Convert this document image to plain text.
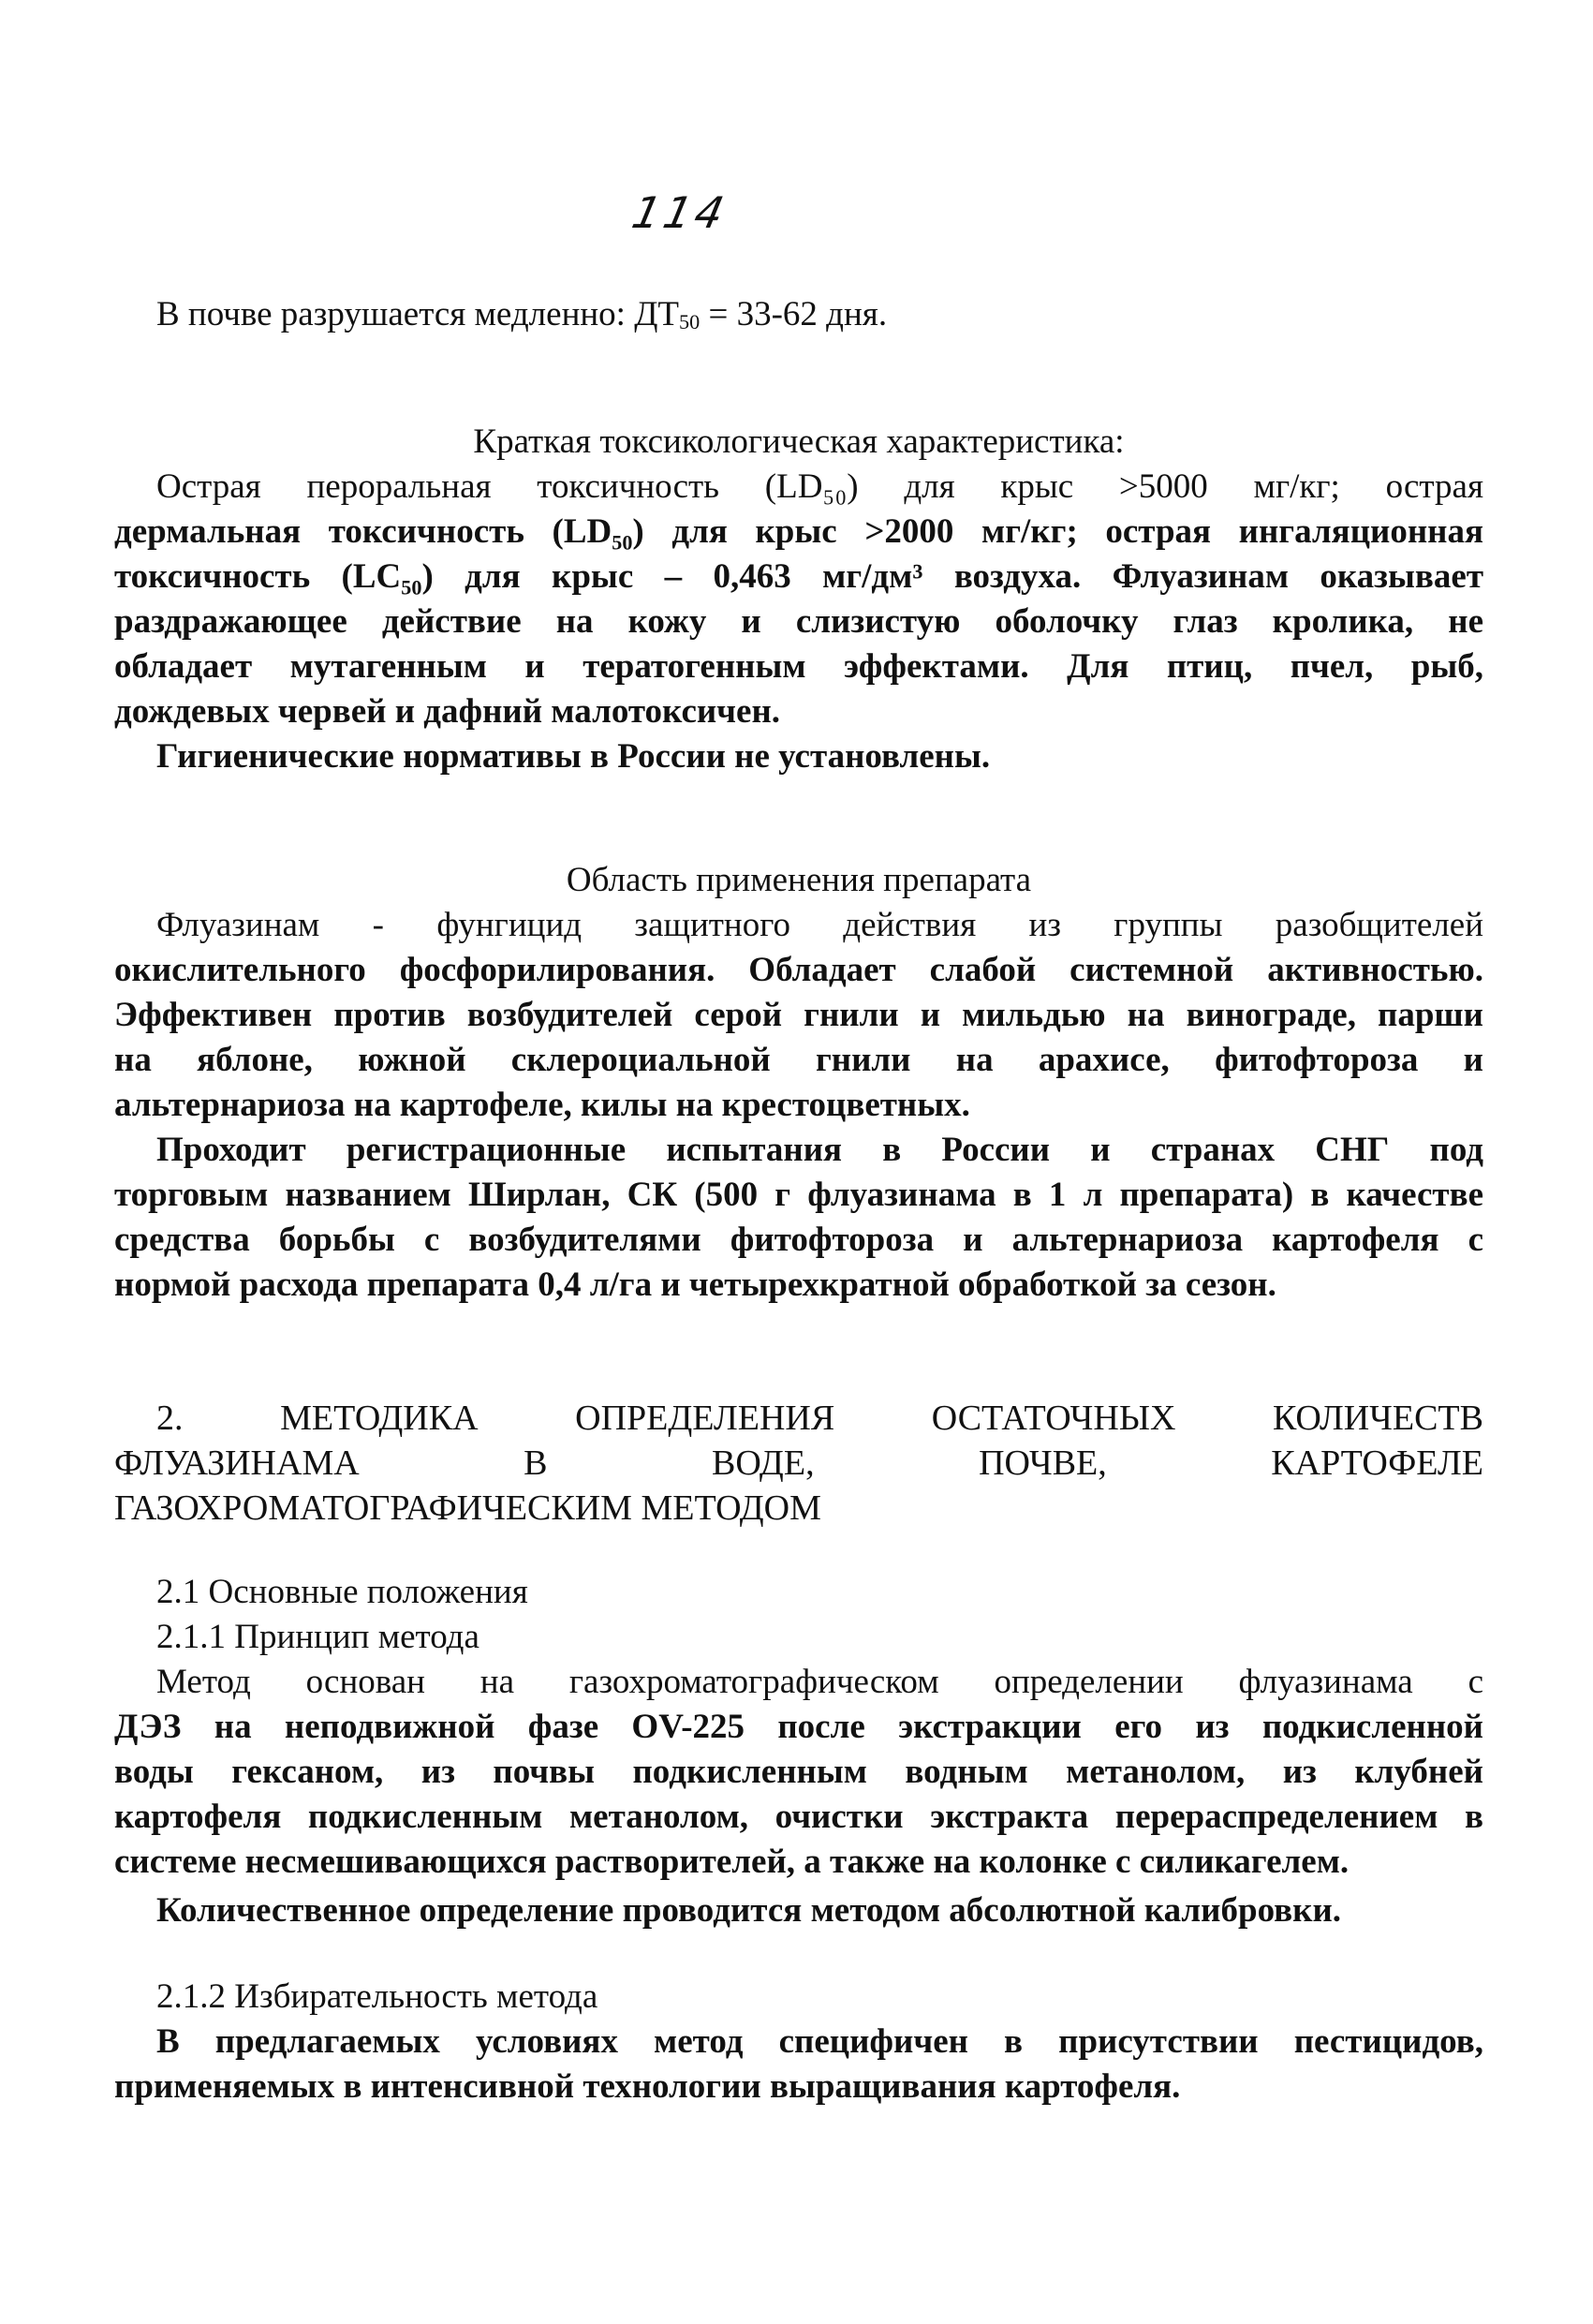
114
В почве разрушается медленно: $ДТ_{50} = 33-62$ дня.
Краткая токсикологическая характеристика:
Острая пероральная токсичность (LD₅₀) для крыс >5000 мг/кг; острая
дермальная токсичность (LD₅₀) для крыс >2000 мг/кг; острая ингаляционная
токсичность (LC₅₀) для крыс – 0,463 мг/дм³ воздуха. Флуазинам оказывает
раздражающее действие на кожу и слизистую оболочку глаз кролика, не
обладает мутагенным и тератогенным эффектами. Для птиц, пчел, рыб,
дождевых червей и дафний малотоксичен.
Гигиенические нормативы в России не установлены.
Область применения препарата
Флуазинам - фунгицид защитного действия из группы разобщителей
окислительного фосфорилирования. Обладает слабой системной активностью.
Эффективен против возбудителей серой гнили и мильдью на винограде, парши
на яблоне, южной склероциальной гнили на арахисе, фитофтороза и
альтернариоза на картофеле, килы на крестоцветных.
Проходит регистрационные испытания в России и странах СНГ под
торговым названием Ширлан, СК (500 г флуазинама в 1 л препарата) в качестве
средства борьбы с возбудителями фитофтороза и альтернариоза картофеля с
нормой расхода препарата 0,4 л/га и четырехкратной обработкой за сезон.
2. МЕТОДИКА ОПРЕДЕЛЕНИЯ ОСТАТОЧНЫХ КОЛИЧЕСТВ
ФЛУАЗИНАМА В ВОДЕ, ПОЧВЕ, КАРТОФЕЛЕ
ГАЗОХРОМАТОГРАФИЧЕСКИМ МЕТОДОМ
2.1 Основные положения
2.1.1 Принцип метода
Метод основан на газохроматографическом определении флуазинама с
ДЭЗ на неподвижной фазе OV-225 после экстракции его из подкисленной
воды гексаном, из почвы подкисленным водным метанолом, из клубней
картофеля подкисленным метанолом, очистки экстракта перераспределением в
системе несмешивающихся растворителей, а также на колонке с силикагелем.
Количественное определение проводится методом абсолютной калибровки.
2.1.2 Избирательность метода
В предлагаемых условиях метод специфичен в присутствии пестицидов,
применяемых в интенсивной технологии выращивания картофеля.
